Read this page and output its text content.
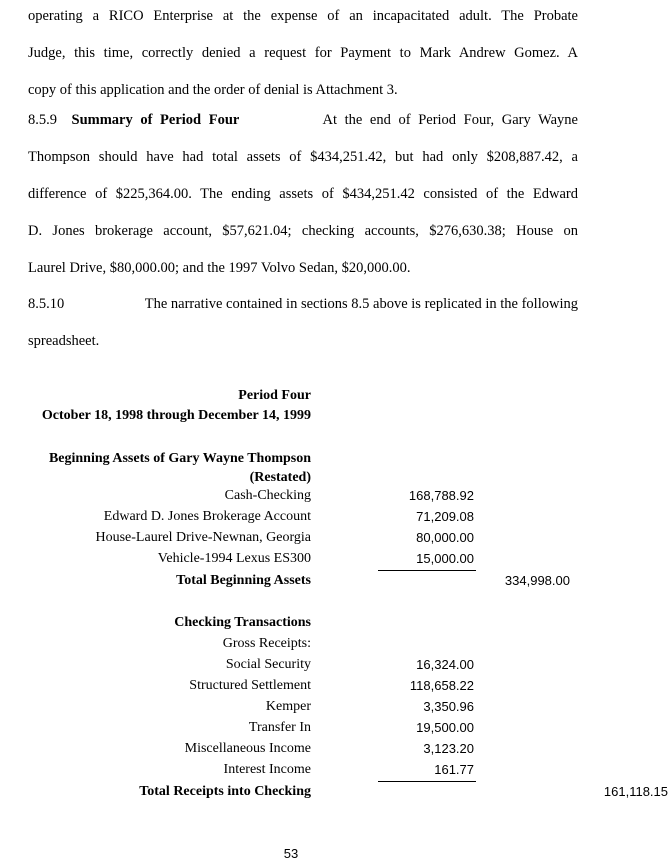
operating a RICO Enterprise at the expense of an incapacitated adult. The Probate
Judge, this time, correctly denied a request for Payment to Mark Andrew Gomez. A
copy of this application and the order of denial is Attachment 3.
8.5.9 Summary of Period Four	At the end of Period Four, Gary Wayne
Thompson should have had total assets of $434,251.42, but had only $208,887.42, a
difference of $225,364.00. The ending assets of $434,251.42 consisted of the Edward
D. Jones brokerage account, $57,621.04; checking accounts, $276,630.38; House on
Laurel Drive, $80,000.00; and the 1997 Volvo Sedan, $20,000.00.
8.5.10	The narrative contained in sections 8.5 above is replicated in the following
spreadsheet.
Period Four
October 18, 1998 through December 14, 1999
Beginning Assets of Gary Wayne Thompson
(Restated)
Cash-Checking	168,788.92
Edward D. Jones Brokerage Account	71,209.08
House-Laurel Drive-Newnan, Georgia	80,000.00
Vehicle-1994 Lexus ES300	15,000.00
Total Beginning Assets	334,998.00
Checking Transactions
Gross Receipts:
Social Security	16,324.00
Structured Settlement	118,658.22
Kemper	3,350.96
Transfer In	19,500.00
Miscellaneous Income	3,123.20
Interest Income	161.77
Total Receipts into Checking	161,118.15
53
